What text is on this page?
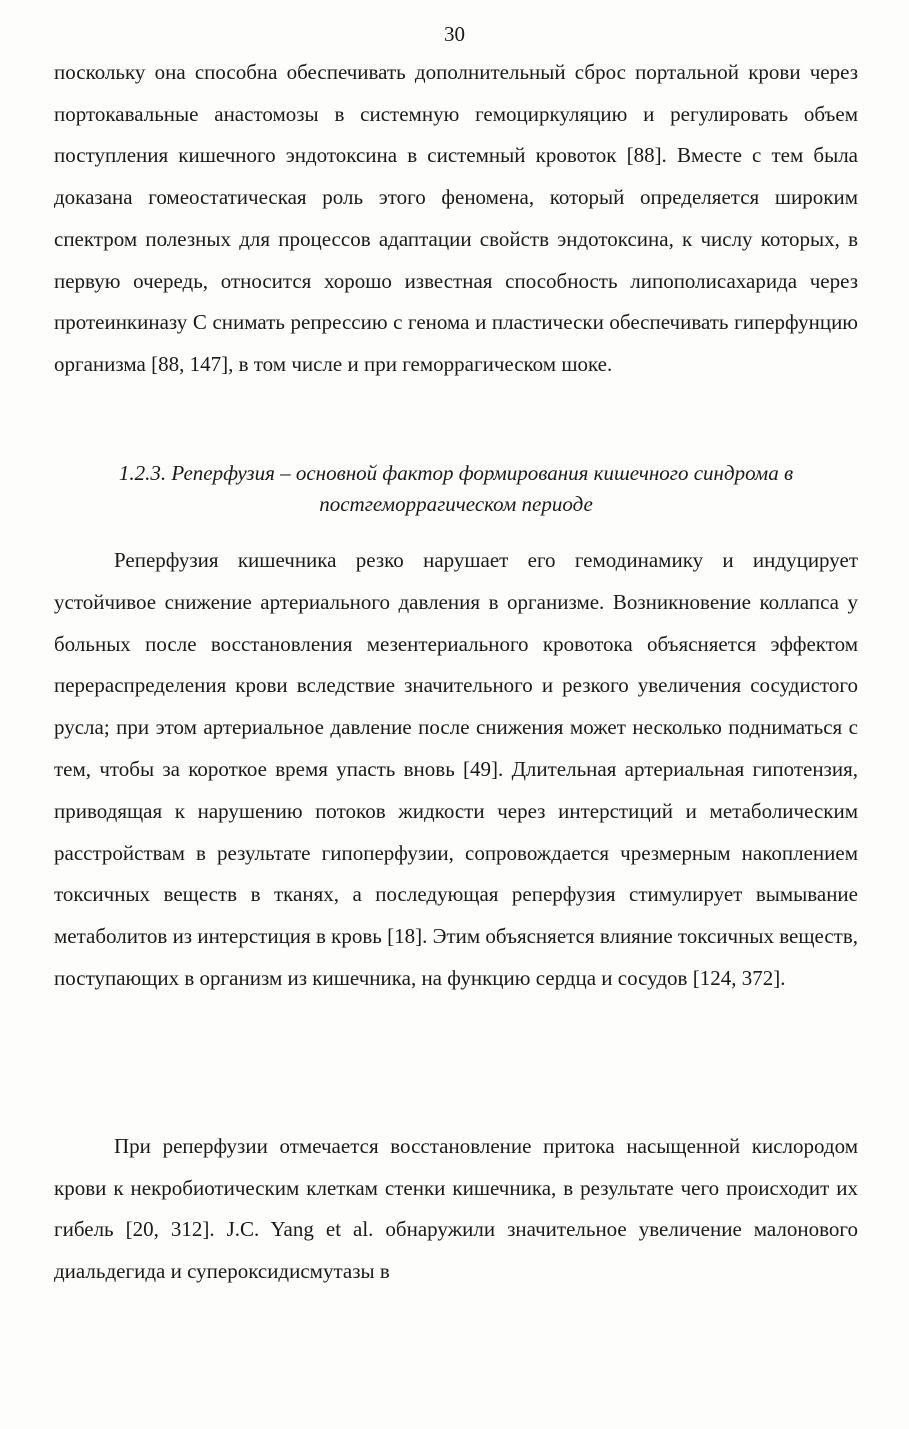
30

поскольку она способна обеспечивать дополнительный сброс портальной крови через портокавальные анастомозы в системную гемоциркуляцию и регулировать объем поступления кишечного эндотоксина в системный кровоток [88]. Вместе с тем была доказана гомеостатическая роль этого феномена, который определяется широким спектром полезных для процессов адаптации свойств эндотоксина, к числу которых, в первую очередь, относится хорошо известная способность липополисахарида через протеинкиназу С снимать репрессию с генома и пластически обеспечивать гиперфунцию организма [88, 147], в том числе и при геморрагическом шоке.

1.2.3. Реперфузия – основной фактор формирования кишечного синдрома в
постгеморрагическом периоде

Реперфузия кишечника резко нарушает его гемодинамику и индуцирует устойчивое снижение артериального давления в организме. Возникновение коллапса у больных после восстановления мезентериального кровотока объясняется эффектом перераспределения крови вследствие значительного и резкого увеличения сосудистого русла; при этом артериальное давление после снижения может несколько подниматься с тем, чтобы за короткое время упасть вновь [49]. Длительная артериальная гипотензия, приводящая к нарушению потоков жидкости через интерстиций и метаболическим расстройствам в результате гипоперфузии, сопровождается чрезмерным накоплением токсичных веществ в тканях, а последующая реперфузия стимулирует вымывание метаболитов из интерстиция в кровь [18]. Этим объясняется влияние токсичных веществ, поступающих в организм из кишечника, на функцию сердца и сосудов [124, 372].

При реперфузии отмечается восстановление притока насыщенной кислородом крови к некробиотическим клеткам стенки кишечника, в результате чего происходит их гибель [20, 312]. J.C. Yang et al. обнаружили значительное увеличение малонового диальдегида и супероксидисмутазы в
